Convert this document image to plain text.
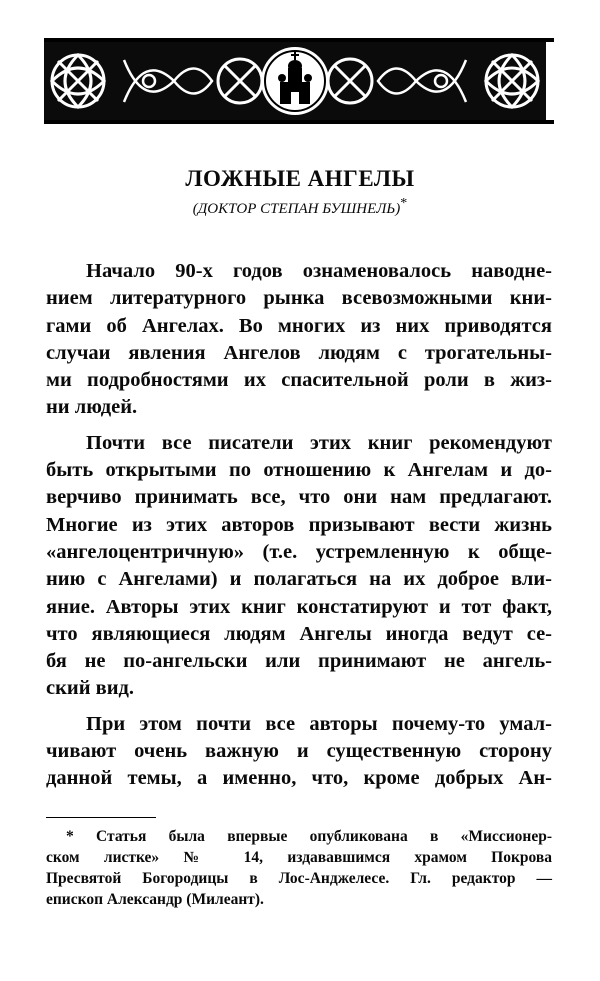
ЛОЖНЫЕ АНГЕЛЫ

(ДОКТОР СТЕПАН БУШНЕЛЬ)*

Начало 90-х годов ознаменовалось наводне-
нием литературного рынка всевозможными кни-
гами об Ангелах. Во многих из них приводятся
случаи явления Ангелов людям с трогательны-
ми подробностями их спасительной роли в жиз-
ни людей.
Почти все писатели этих книг рекомендуют
быть открытыми по отношению к Ангелам и до-
верчиво принимать все, что они нам предлагают.
Многие из этих авторов призывают вести жизнь
«ангелоцентричную» (т.е. устремленную к обще-
нию с Ангелами) и полагаться на их доброе вли-
яние. Авторы этих книг констатируют и тот факт,
что являющиеся людям Ангелы иногда ведут се-
бя не по-ангельски или принимают не ангель-
ский вид.
При этом почти все авторы почему-то умал-
чивают очень важную и существенную сторону
данной темы, а именно, что, кроме добрых Ан-
* Статья была впервые опубликована в «Миссионер-
ском листке» № 14, издававшимся храмом Покрова
Пресвятой Богородицы в Лос-Анджелесе. Гл. редактор —
епископ Александр (Милеант).
